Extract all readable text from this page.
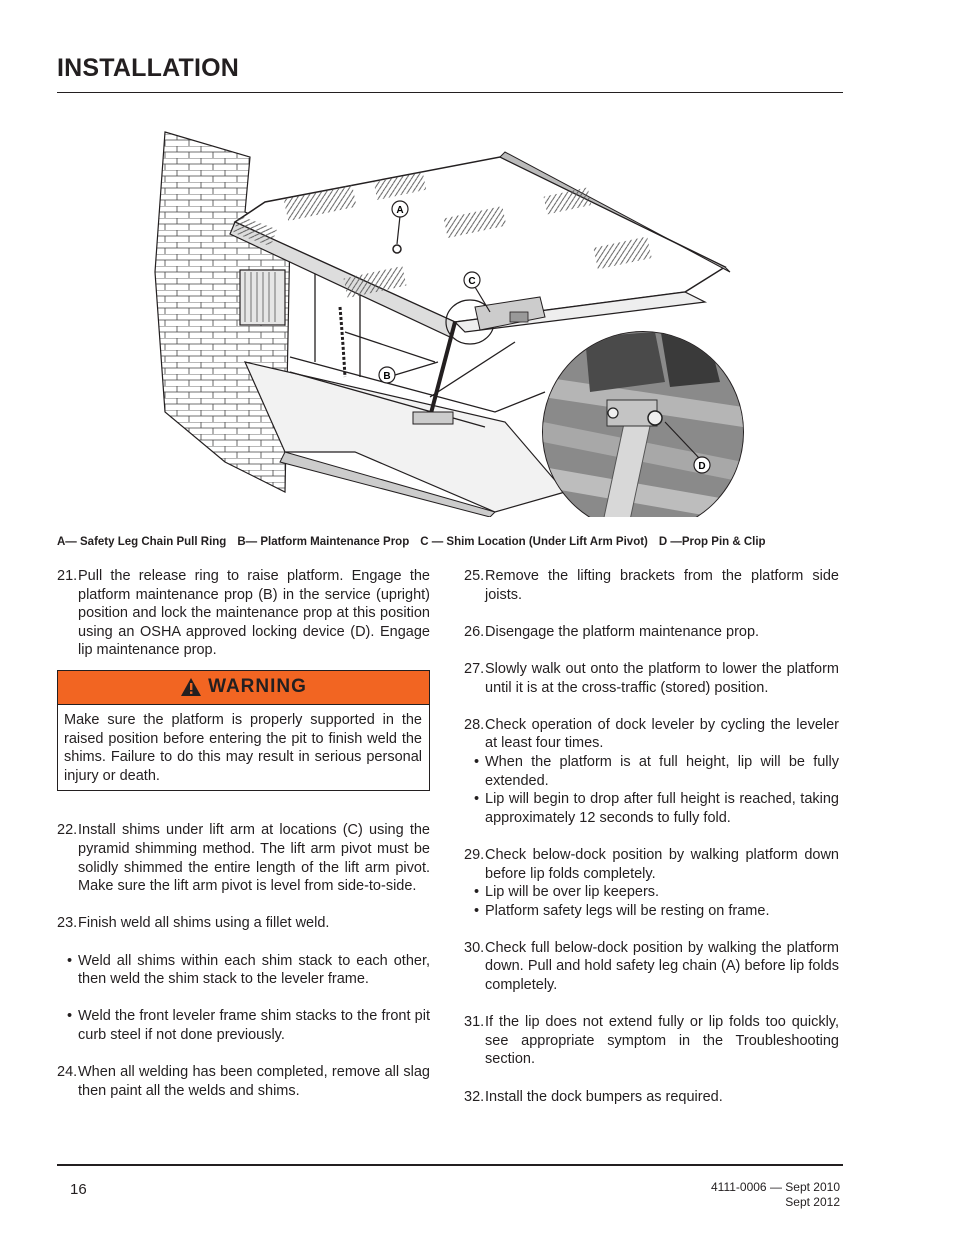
INSTALLATION
A
C
B
D
A— Safety Leg Chain Pull Ring B— Platform Maintenance Prop C — Shim Location (Under Lift Arm Pivot) D —Prop Pin & Clip
21. Pull the release ring to raise platform. Engage the platform maintenance prop (B) in the service (upright) position and lock the maintenance prop at this position using an OSHA approved locking device (D). Engage lip maintenance prop.
WARNING
Make sure the platform is properly supported in the raised position before entering the pit to finish weld the shims. Failure to do this may result in serious personal injury or death.
22. Install shims under lift arm at locations (C) using the pyramid shimming method. The lift arm pivot must be solidly shimmed the entire length of the lift arm pivot. Make sure the lift arm pivot is level from side-to-side.
23. Finish weld all shims using a fillet weld.
• Weld all shims within each shim stack to each other, then weld the shim stack to the leveler frame.
• Weld the front leveler frame shim stacks to the front pit curb steel if not done previously.
24. When all welding has been completed, remove all slag then paint all the welds and shims.
25. Remove the lifting brackets from the platform side joists.
26. Disengage the platform maintenance prop.
27. Slowly walk out onto the platform to lower the platform until it is at the cross-traffic (stored) position.
28. Check operation of dock leveler by cycling the leveler at least four times.
• When the platform is at full height, lip will be fully extended.
• Lip will begin to drop after full height is reached, taking approximately 12 seconds to fully fold.
29. Check below-dock position by walking platform down before lip folds completely.
• Lip will be over lip keepers.
• Platform safety legs will be resting on frame.
30. Check full below-dock position by walking the platform down. Pull and hold safety leg chain (A) before lip folds completely.
31. If the lip does not extend fully or lip folds too quickly, see appropriate symptom in the Troubleshooting section.
32. Install the dock bumpers as required.
16	4111-0006 — Sept 2010
Sept 2012
